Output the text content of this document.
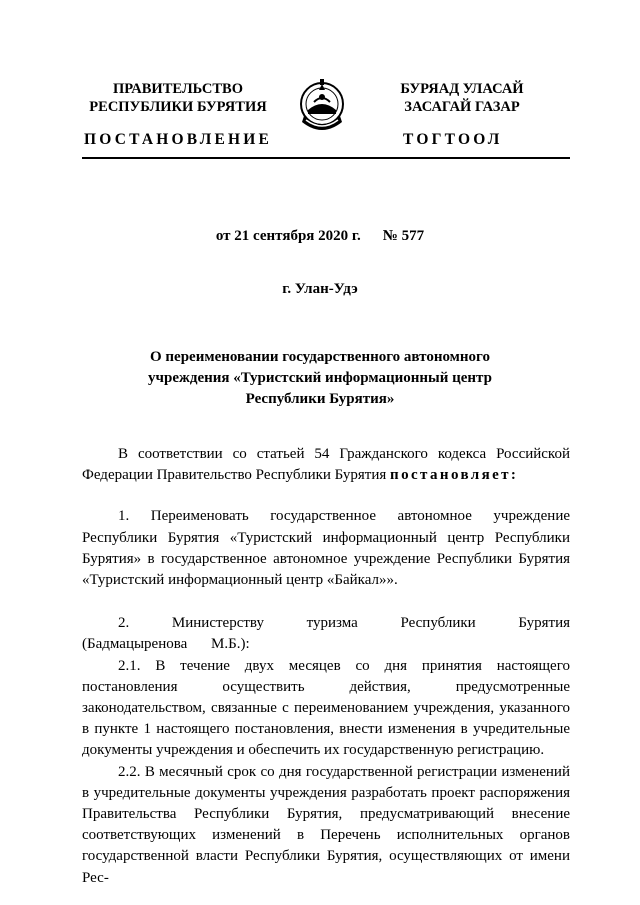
ПРАВИТЕЛЬСТВО
РЕСПУБЛИКИ БУРЯТИЯ
БУРЯАД УЛАСАЙ
ЗАСАГАЙ ГАЗАР
ПОСТАНОВЛЕНИЕ	ТОГТООЛ
от 21 сентября 2020 г. № 577
г. Улан-Удэ
О переименовании государственного автономного
учреждения «Туристский информационный центр
Республики Бурятия»

В соответствии со статьей 54 Гражданского кодекса Российской Федерации Правительство Республики Бурятия постановляет:

1. Переименовать государственное автономное учреждение Республики Бурятия «Туристский информационный центр Республики Бурятия» в государственное автономное учреждение Республики Бурятия «Туристский информационный центр «Байкал»».

2. Министерству туризма Республики Бурятия (Бадмацыренова М.Б.):

2.1. В течение двух месяцев со дня принятия настоящего постановления осуществить действия, предусмотренные законодательством, связанные с переименованием учреждения, указанного в пункте 1 настоящего постановления, внести изменения в учредительные документы учреждения и обеспечить их государственную регистрацию.

2.2. В месячный срок со дня государственной регистрации изменений в учредительные документы учреждения разработать проект распоряжения Правительства Республики Бурятия, предусматривающий внесение соответствующих изменений в Перечень исполнительных органов государственной власти Республики Бурятия, осуществляющих от имени Рес-
